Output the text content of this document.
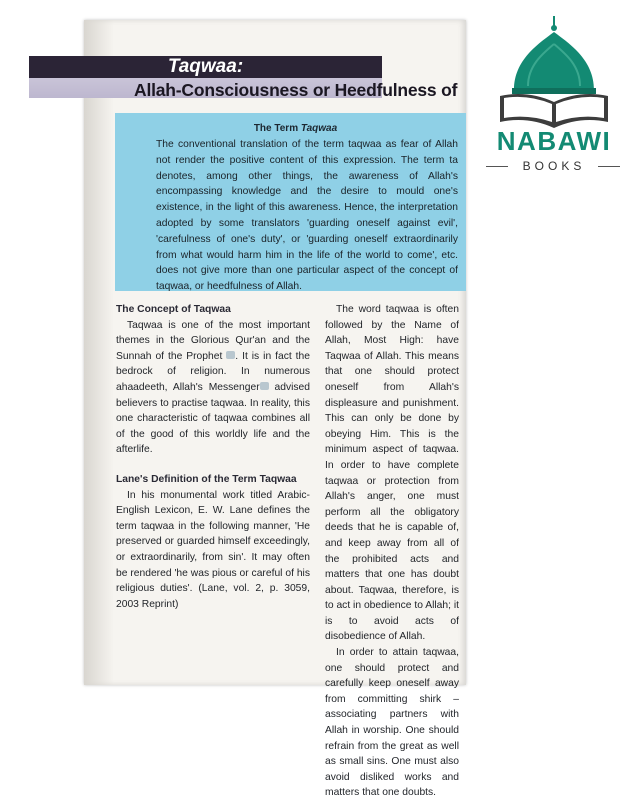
Taqwaa:
Allah-Consciousness or Heedfulness of
The Term Taqwaa
The conventional translation of the term taqwaa as fear of Allah not render the positive content of this expression. The term ta denotes, among other things, the awareness of Allah's encompassing knowledge and the desire to mould one's existence, in the light of this awareness. Hence, the interpretation adopted by some translators 'guarding oneself against evil', 'carefulness of one's duty', or 'guarding oneself extraordinarily from what would harm him in the life of the world to come', etc. does not give more than one particular aspect of the concept of taqwaa, or heedfulness of Allah.

The Concept of Taqwaa

Taqwaa is one of the most important themes in the Glorious Qur'an and the Sunnah of the Prophet . It is in fact the bedrock of religion. In numerous ahaadeeth, Allah's Messenger advised believers to practise taqwaa. In reality, this one characteristic of taqwaa combines all of the good of this worldly life and the afterlife.

Lane's Definition of the Term Taqwaa

In his monumental work titled Arabic-English Lexicon, E. W. Lane defines the term taqwaa in the following manner, 'He preserved or guarded himself exceedingly, or extraordinarily, from sin'. It may often be rendered 'he was pious or careful of his religious duties'. (Lane, vol. 2, p. 3059, 2003 Reprint)

The word taqwaa is often followed by the Name of Allah, Most High: have Taqwaa of Allah. This means that one should protect oneself from Allah's displeasure and punishment. This can only be done by obeying Him. This is the minimum aspect of taqwaa. In order to have complete taqwaa or protection from Allah's anger, one must perform all the obligatory deeds that he is capable of, and keep away from all of the prohibited acts and matters that one has doubt about. Taqwaa, therefore, is to act in obedience to Allah; it is to avoid acts of disobedience of Allah.

In order to attain taqwaa, one should protect and carefully keep oneself away from committing shirk – associating partners with Allah in worship. One should refrain from the great as well as small sins. One must also avoid disliked works and matters that one doubts.

NABAWI
BOOKS
